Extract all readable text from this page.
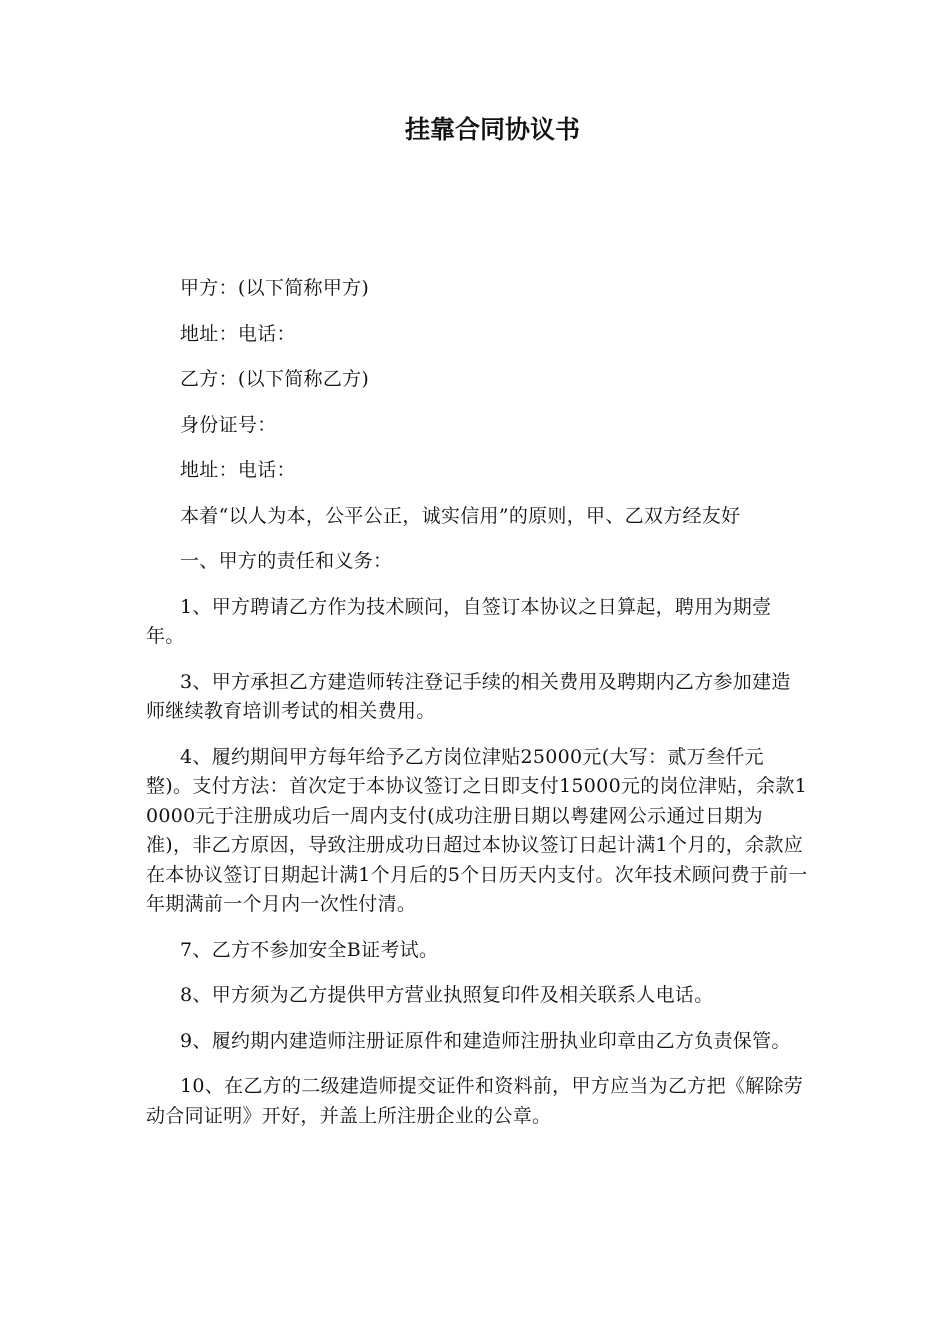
挂靠合同协议书

甲方：(以下简称甲方)

地址：电话：

乙方：(以下简称乙方)

身份证号：

地址：电话：

本着“以人为本，公平公正，诚实信用”的原则，甲、乙双方经友好

一、甲方的责任和义务：

1、甲方聘请乙方作为技术顾问，自签订本协议之日算起，聘用为期壹年。

3、甲方承担乙方建造师转注登记手续的相关费用及聘期内乙方参加建造师继续教育培训考试的相关费用。

4、履约期间甲方每年给予乙方岗位津贴25000元(大写：贰万叁仟元整)。支付方法：首次定于本协议签订之日即支付15000元的岗位津贴，余款10000元于注册成功后一周内支付(成功注册日期以粤建网公示通过日期为准)，非乙方原因，导致注册成功日超过本协议签订日起计满1个月的，余款应在本协议签订日期起计满1个月后的5个日历天内支付。次年技术顾问费于前一年期满前一个月内一次性付清。

7、乙方不参加安全B证考试。

8、甲方须为乙方提供甲方营业执照复印件及相关联系人电话。

9、履约期内建造师注册证原件和建造师注册执业印章由乙方负责保管。

10、在乙方的二级建造师提交证件和资料前，甲方应当为乙方把《解除劳动合同证明》开好，并盖上所注册企业的公章。
